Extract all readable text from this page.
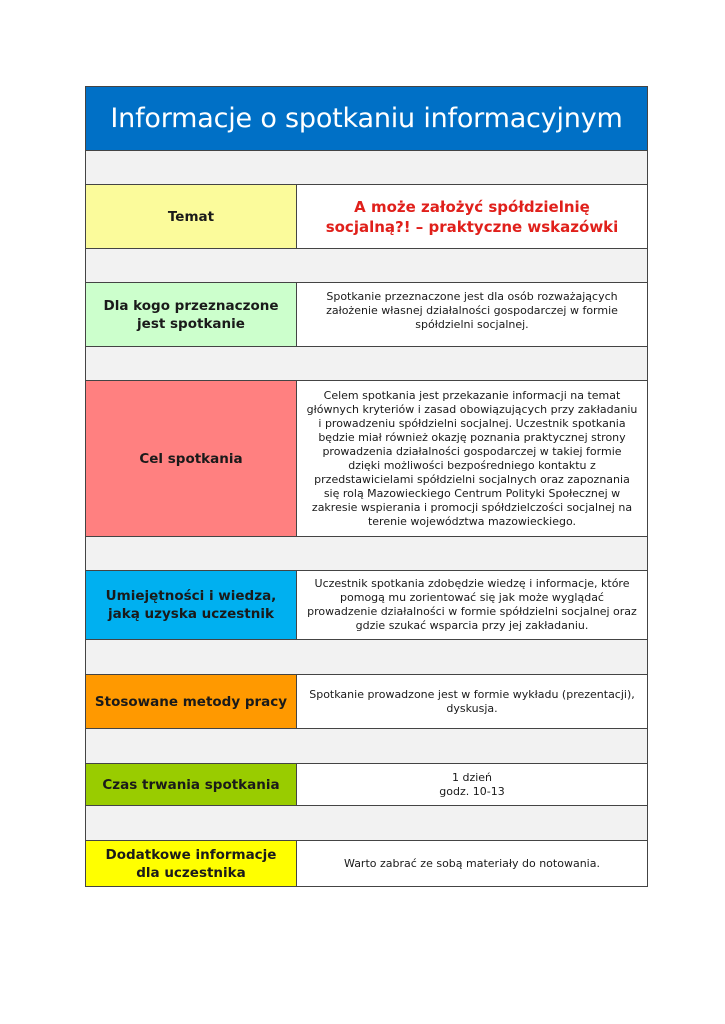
Informacje o spotkaniu informacyjnym
Temat
A może założyć spółdzielnię socjalną?! – praktyczne wskazówki
Dla kogo przeznaczone jest spotkanie
Spotkanie przeznaczone jest dla osób rozważających założenie własnej działalności gospodarczej w formie spółdzielni socjalnej.
Cel spotkania
Celem spotkania jest przekazanie informacji na temat głównych kryteriów i zasad obowiązujących przy zakładaniu i prowadzeniu spółdzielni socjalnej. Uczestnik spotkania będzie miał również okazję poznania praktycznej strony prowadzenia działalności gospodarczej w takiej formie dzięki możliwości bezpośredniego kontaktu z przedstawicielami spółdzielni socjalnych oraz zapoznania się rolą Mazowieckiego Centrum Polityki Społecznej w zakresie wspierania i promocji spółdzielczości socjalnej na terenie województwa mazowieckiego.
Umiejętności i wiedza, jaką uzyska uczestnik
Uczestnik spotkania zdobędzie wiedzę i informacje, które pomogą mu zorientować się jak może wyglądać prowadzenie działalności w formie spółdzielni socjalnej oraz gdzie szukać wsparcia przy jej zakładaniu.
Stosowane metody pracy	Spotkanie prowadzone jest w formie wykładu (prezentacji), dyskusja.
Czas trwania spotkania	1 dzień
godz. 10-13
Dodatkowe informacje dla uczestnika
Warto zabrać ze sobą materiały do notowania.
